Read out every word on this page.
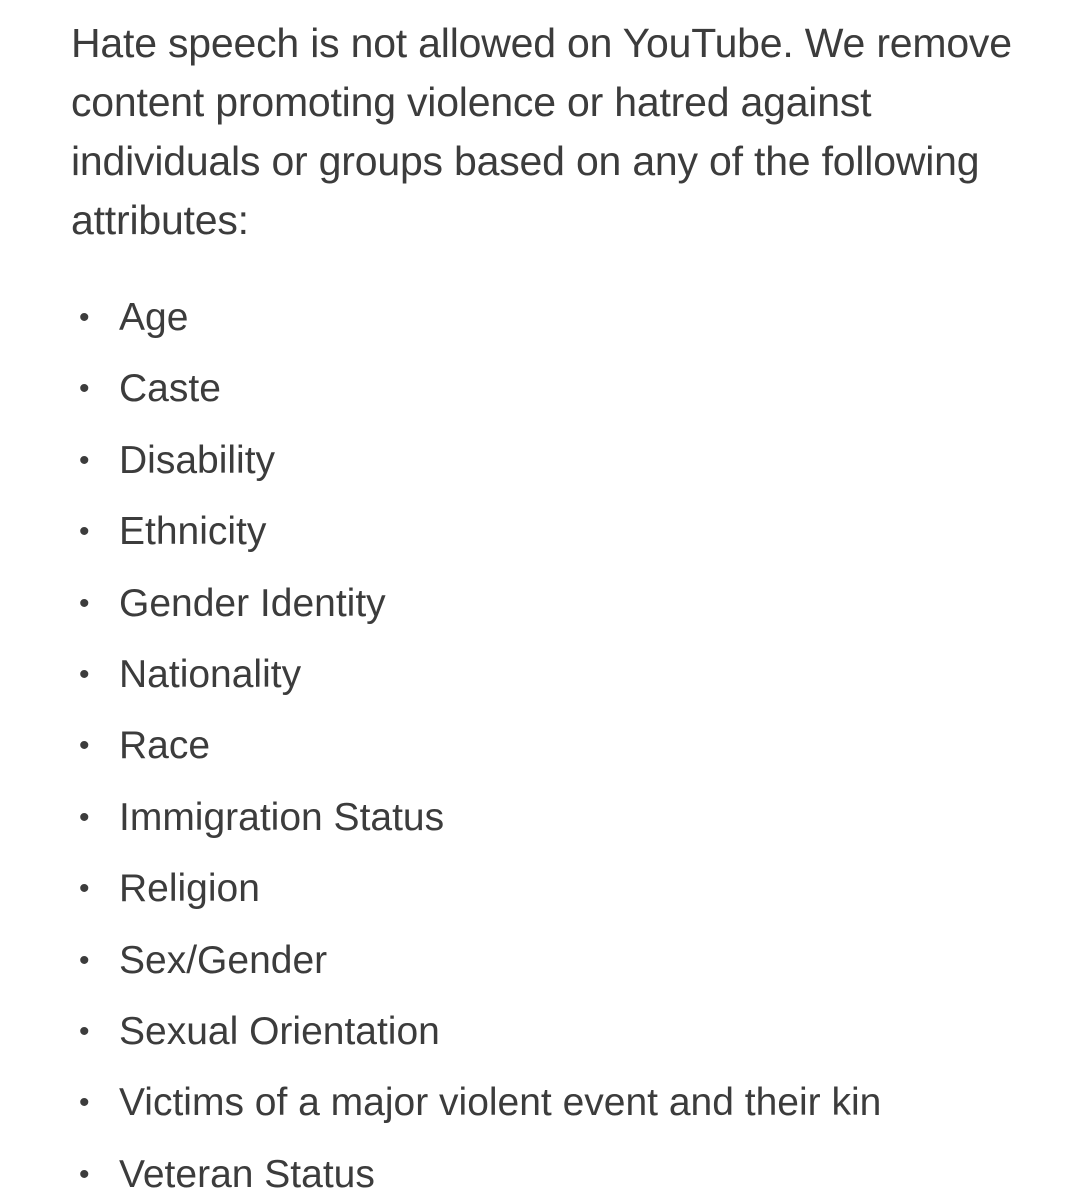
Hate speech is not allowed on YouTube. We remove content promoting violence or hatred against individuals or groups based on any of the following attributes:

• Age
• Caste
• Disability
• Ethnicity
• Gender Identity
• Nationality
• Race
• Immigration Status
• Religion
• Sex/Gender
• Sexual Orientation
• Victims of a major violent event and their kin
• Veteran Status
